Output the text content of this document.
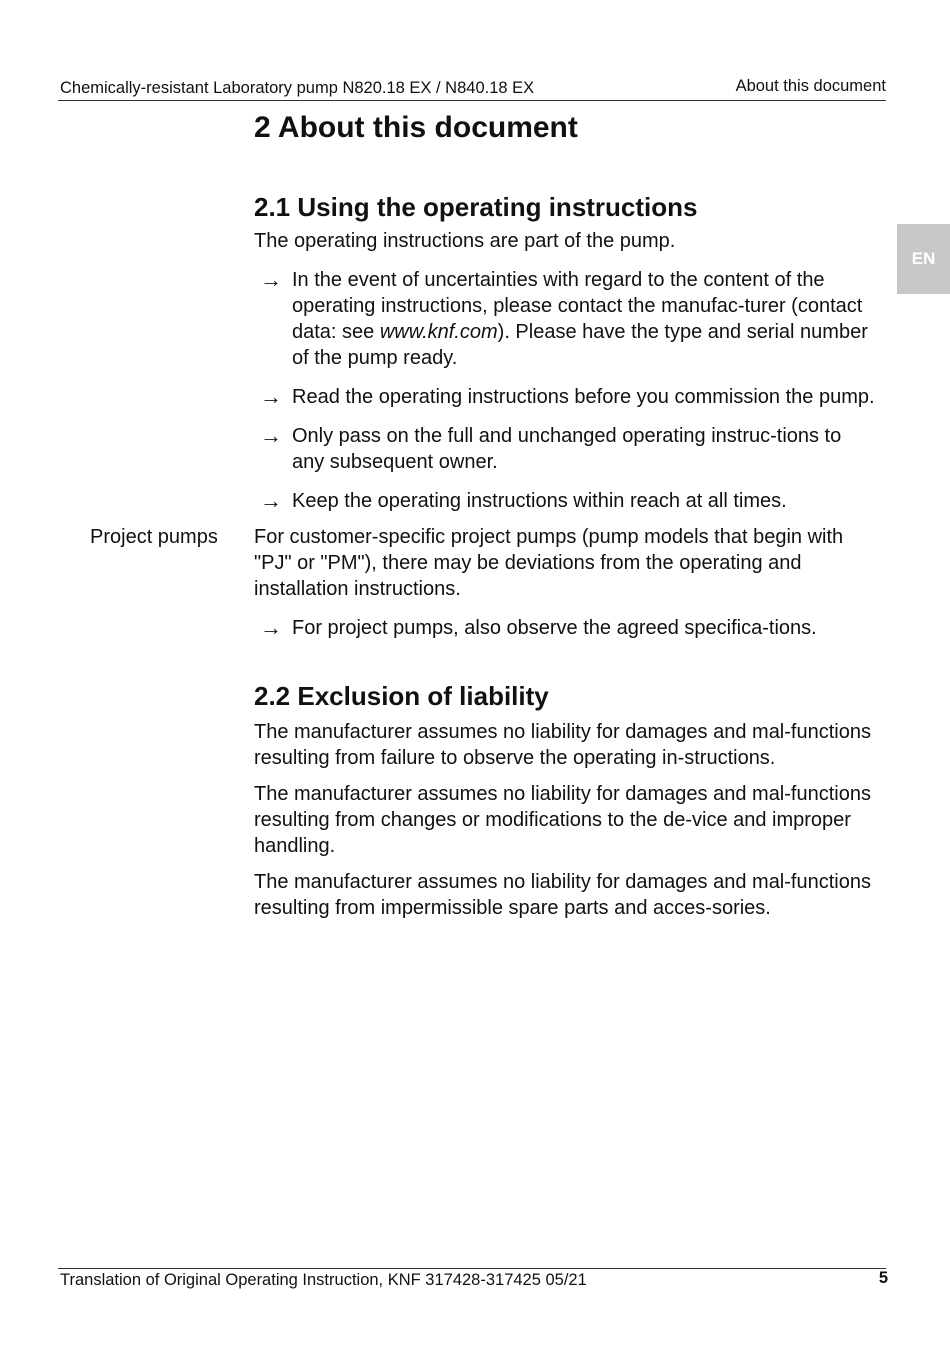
Chemically-resistant Laboratory pump N820.18 EX / N840.18 EX	About this document
EN
2 About this document
2.1 Using the operating instructions

The operating instructions are part of the pump.

→ In the event of uncertainties with regard to the content of the operating instructions, please contact the manufac-turer (contact data: see www.knf.com). Please have the type and serial number of the pump ready.
→ Read the operating instructions before you commission the pump.
→ Only pass on the full and unchanged operating instruc-tions to any subsequent owner.
→ Keep the operating instructions within reach at all times.
Project pumps	For customer-specific project pumps (pump models that begin with "PJ" or "PM"), there may be deviations from the operating and installation instructions.

→ For project pumps, also observe the agreed specifica-tions.
2.2 Exclusion of liability

The manufacturer assumes no liability for damages and mal-functions resulting from failure to observe the operating in-structions.

The manufacturer assumes no liability for damages and mal-functions resulting from changes or modifications to the de-vice and improper handling.

The manufacturer assumes no liability for damages and mal-functions resulting from impermissible spare parts and acces-sories.

Translation of Original Operating Instruction, KNF 317428-317425 05/21	5
